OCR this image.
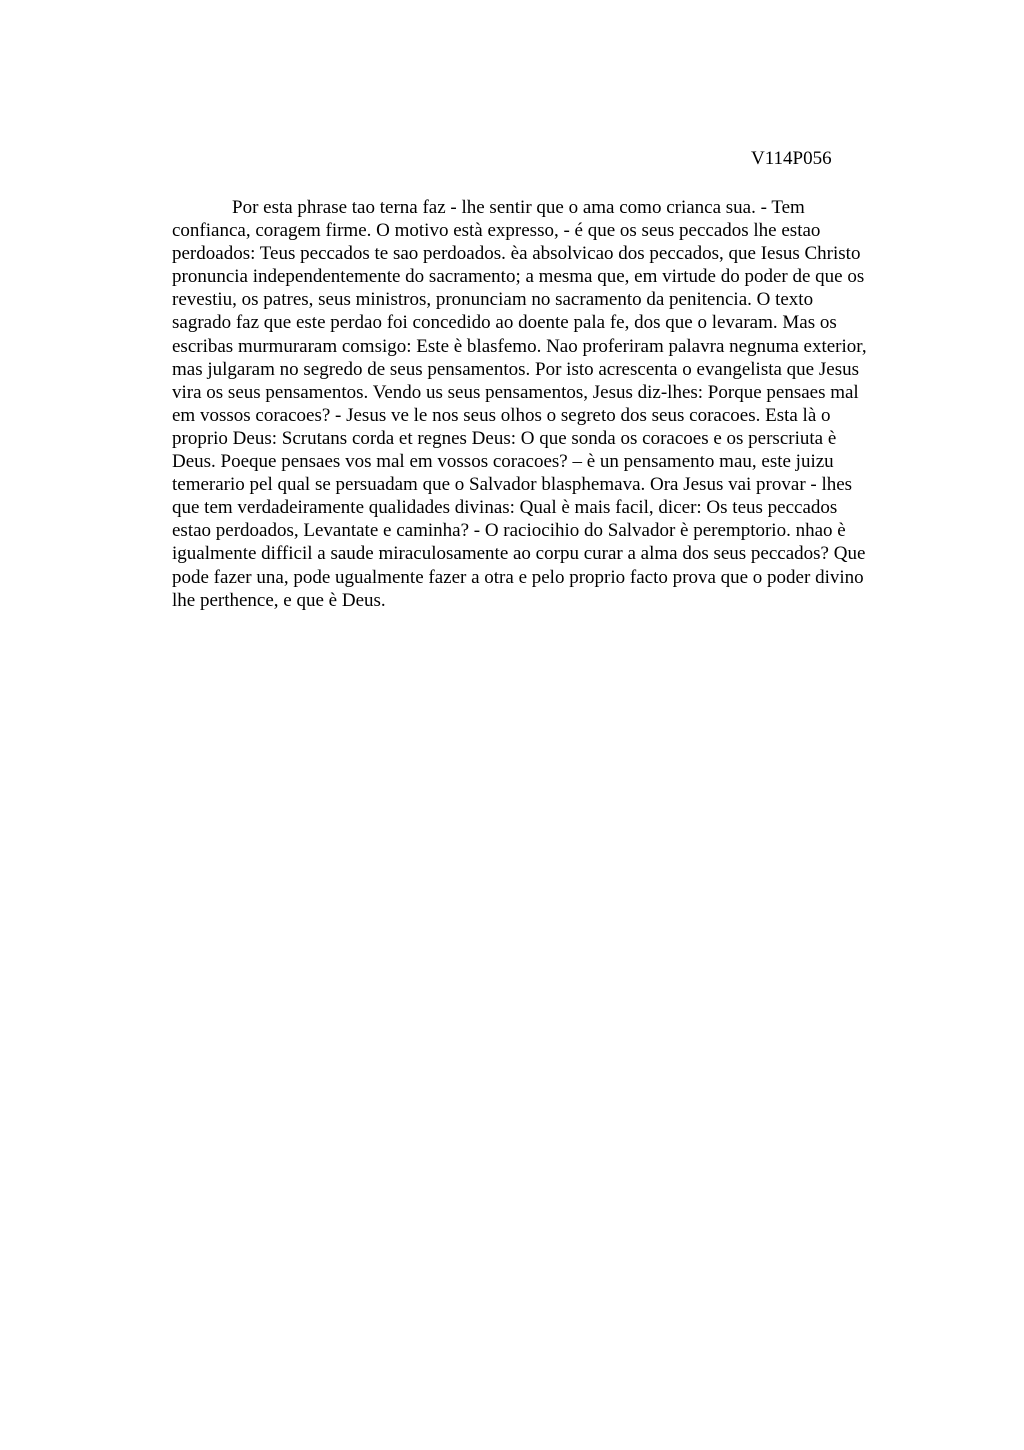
V114P056
Por esta phrase tao terna faz - lhe sentir que o ama como crianca sua. - Tem
confianca, coragem firme. O motivo està expresso, - é que os seus peccados lhe estao
perdoados: Teus peccados te sao perdoados. èa absolvicao dos peccados, que Iesus Christo
pronuncia independentemente do sacramento; a mesma que, em virtude do poder de que os
revestiu, os patres, seus ministros, pronunciam no sacramento da penitencia. O texto
sagrado faz que este perdao foi concedido ao doente pala fe, dos que o levaram. Mas os
escribas murmuraram comsigo: Este è blasfemo. Nao proferiram palavra negnuma exterior,
mas julgaram no segredo de seus pensamentos. Por isto acrescenta o evangelista que Jesus
vira os seus pensamentos. Vendo us seus pensamentos, Jesus diz-lhes: Porque pensaes mal
em vossos coracoes? - Jesus ve le nos seus olhos o segreto dos seus coracoes. Esta là o
proprio Deus: Scrutans corda et regnes Deus: O que sonda os coracoes e os perscriuta è
Deus. Poeque pensaes vos mal em vossos coracoes? – è un pensamento mau, este juizu
temerario pel qual se persuadam que o Salvador blasphemava. Ora Jesus vai provar - lhes
que tem verdadeiramente qualidades divinas: Qual è mais facil, dicer: Os teus peccados
estao perdoados, Levantate e caminha? - O raciocihio do Salvador è peremptorio. nhao è
igualmente difficil a saude miraculosamente ao corpu curar a alma dos seus peccados? Que
pode fazer una, pode ugualmente fazer a otra e pelo proprio facto prova que o poder divino
lhe perthence, e que è Deus.
